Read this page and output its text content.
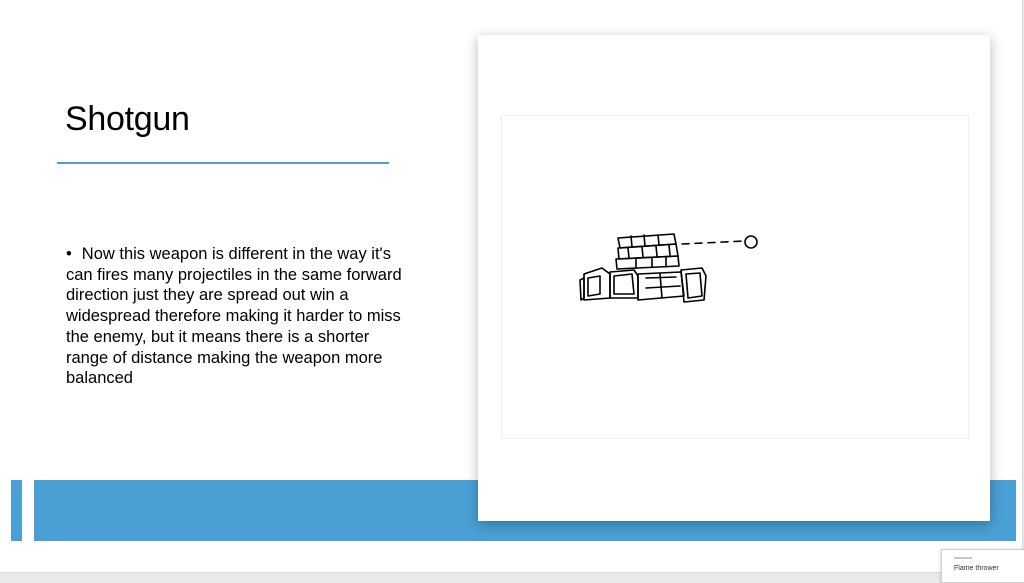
Shotgun

• Now this weapon is different in the way it's can fires many projectiles in the same forward direction just they are spread out win a widespread therefore making it harder to miss the enemy, but it means there is a shorter range of distance making the weapon more balanced

Flame thrower
